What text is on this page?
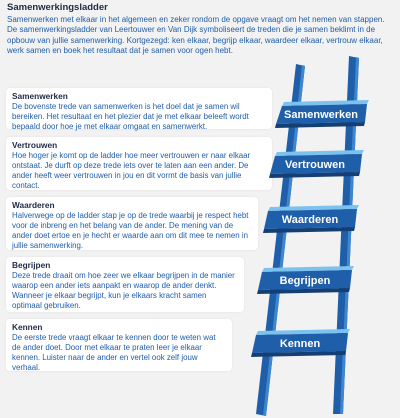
Samenwerkingsladder

Samenwerken met elkaar in het algemeen en zeker rondom de opgave vraagt om het nemen van stappen. De samenwerkingsladder van Leertouwer en Van Dijk symboliseert de treden die je samen beklimt in de opbouw van jullie samenwerking. Kortgezegd: ken elkaar, begrijp elkaar, waardeer elkaar, vertrouw elkaar, werk samen en boek het resultaat dat je samen voor ogen hebt.

Samenwerken

De bovenste trede van samenwerken is het doel dat je samen wil bereiken. Het resultaat en het plezier dat je met elkaar beleeft wordt bepaald door hoe je met elkaar omgaat en samenwerkt.

Vertrouwen

Hoe hoger je komt op de ladder hoe meer vertrouwen er naar elkaar ontstaat. Je durft op deze trede iets over te laten aan een ander. De ander heeft weer vertrouwen in jou en dit vormt de basis van jullie contact.

Waarderen

Halverwege op de ladder stap je op de trede waarbij je respect hebt voor de inbreng en het belang van de ander. De mening van de ander doet ertoe en je hecht er waarde aan om dit mee te nemen in jullie samenwerking.

Begrijpen

Deze trede draait om hoe zeer we elkaar begrijpen in de manier waarop een ander iets aanpakt en waarop de ander denkt. Wanneer je elkaar begrijpt, kun je elkaars kracht samen optimaal gebruiken.

Kennen

De eerste trede vraagt elkaar te kennen door te weten wat de ander doet. Door met elkaar te praten leer je elkaar kennen. Luister naar de ander en vertel ook zelf jouw verhaal.

Samenwerken
Vertrouwen
Waarderen
Begrijpen
Kennen
